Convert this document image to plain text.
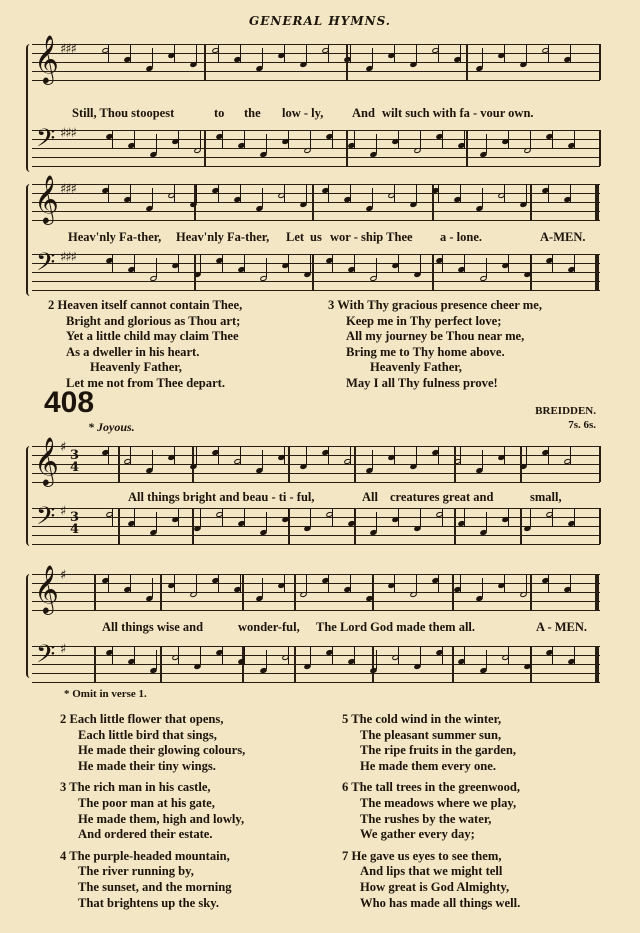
GENERAL HYMNS.
𝄞 ♯♯♯
Still, Thou stoopest	to the low - ly, And wilt such with fa - vour own.
𝄢 ♯♯♯
𝄞 ♯♯♯
Heav'nly Fa-ther, Heav'nly Fa-ther, Let us wor - ship Thee a - lone.	A-MEN.
𝄢 ♯♯♯
2 Heaven itself cannot contain Thee,
Bright and glorious as Thou art;
Yet a little child may claim Thee
As a dweller in his heart.
Heavenly Father,
Let me not from Thee depart.
3 With Thy gracious presence cheer me,
Keep me in Thy perfect love;
All my journey be Thou near me,
Bring me to Thy home above.
Heavenly Father,
May I all Thy fulness prove!
408	BREIDDEN.
7s. 6s.
* Joyous.
𝄞 ♯
3
4
All things bright and beau - ti - ful,	All creatures great and	small,
𝄢 ♯ 3
4
𝄞 ♯
All things wise and	wonder-ful, The Lord God made them all.	A - MEN.
𝄢 ♯
* Omit in verse 1.
2 Each little flower that opens,
Each little bird that sings,
He made their glowing colours,
He made their tiny wings.
3 The rich man in his castle,
The poor man at his gate,
He made them, high and lowly,
And ordered their estate.
4 The purple-headed mountain,
The river running by,
The sunset, and the morning
That brightens up the sky.
5 The cold wind in the winter,
The pleasant summer sun,
The ripe fruits in the garden,
He made them every one.
6 The tall trees in the greenwood,
The meadows where we play,
The rushes by the water,
We gather every day;
7 He gave us eyes to see them,
And lips that we might tell
How great is God Almighty,
Who has made all things well.
